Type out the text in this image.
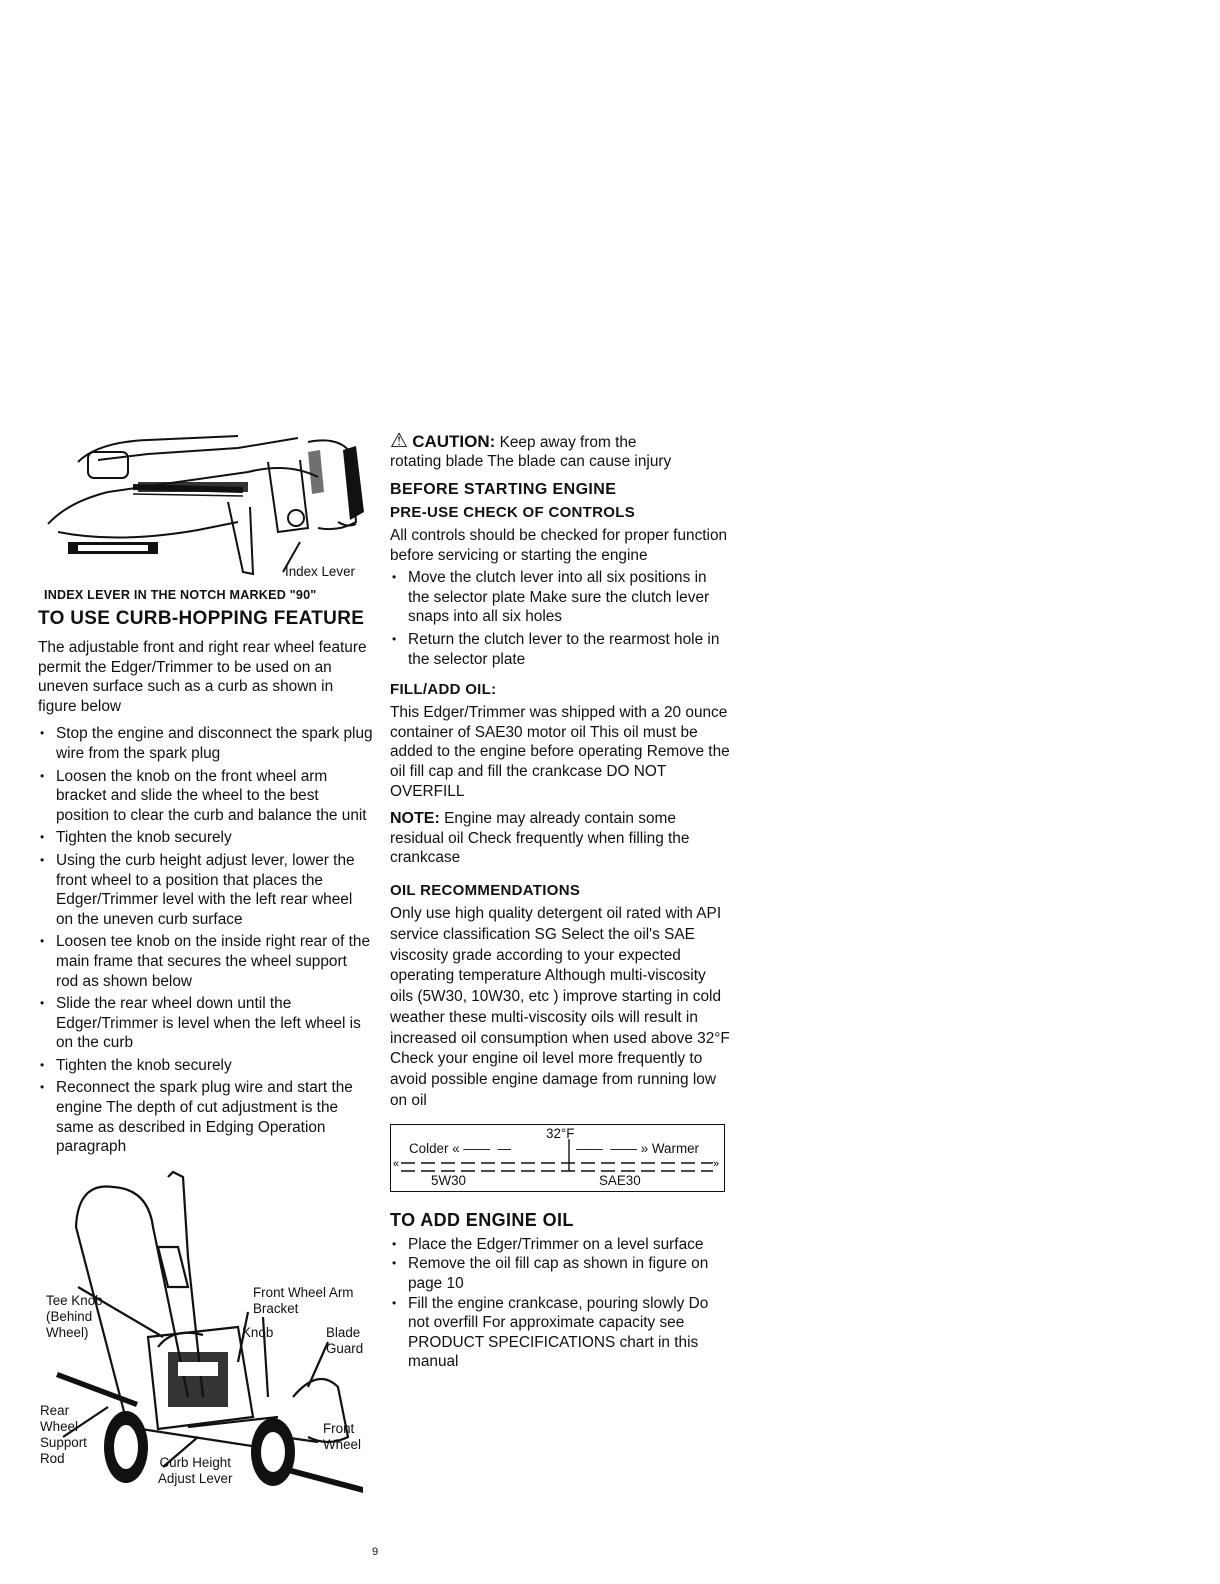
Index Lever
INDEX LEVER IN THE NOTCH MARKED "90"
TO USE CURB-HOPPING FEATURE

The adjustable front and right rear wheel feature permit the Edger/Trimmer to be used on an uneven surface such as a curb as shown in figure below

• Stop the engine and disconnect the spark plug wire from the spark plug
• Loosen the knob on the front wheel arm bracket and slide the wheel to the best position to clear the curb and balance the unit
• Tighten the knob securely
• Using the curb height adjust lever, lower the front wheel to a position that places the Edger/Trimmer level with the left rear wheel on the uneven curb surface
• Loosen tee knob on the inside right rear of the main frame that secures the wheel support rod as shown below
• Slide the rear wheel down until the Edger/Trimmer is level when the left wheel is on the curb
• Tighten the knob securely
• Reconnect the spark plug wire and start the engine The depth of cut adjustment is the same as described in Edging Operation paragraph
Tee Knob
(Behind
Wheel)
Front Wheel Arm
Bracket
Knob	Blade
Guard
Rear
Wheel
Support
Rod
Front
Wheel
Curb Height
Adjust Lever
⚠ CAUTION: Keep away from the
rotating blade The blade can cause injury
BEFORE STARTING ENGINE
PRE-USE CHECK OF CONTROLS

All controls should be checked for proper function before servicing or starting the engine

• Move the clutch lever into all six positions in the selector plate Make sure the clutch lever snaps into all six holes
• Return the clutch lever to the rearmost hole in the selector plate
FILL/ADD OIL:

This Edger/Trimmer was shipped with a 20 ounce container of SAE30 motor oil This oil must be added to the engine before operating Remove the oil fill cap and fill the crankcase DO NOT OVERFILL

NOTE: Engine may already contain some residual oil Check frequently when filling the crankcase

OIL RECOMMENDATIONS

Only use high quality detergent oil rated with API service classification SG Select the oil's SAE viscosity grade according to your expected operating temperature Although multi-viscosity oils (5W30, 10W30, etc ) improve starting in cold weather these multi-viscosity oils will result in increased oil consumption when used above 32°F Check your engine oil level more frequently to avoid possible engine damage from running low on oil

32°F
Colder « ——  —	——  —— » Warmer
«	»
5W30	SAE30
TO ADD ENGINE OIL
• Place the Edger/Trimmer on a level surface
• Remove the oil fill cap as shown in figure on page 10
• Fill the engine crankcase, pouring slowly Do not overfill For approximate capacity see PRODUCT SPECIFICATIONS chart in this manual
9
